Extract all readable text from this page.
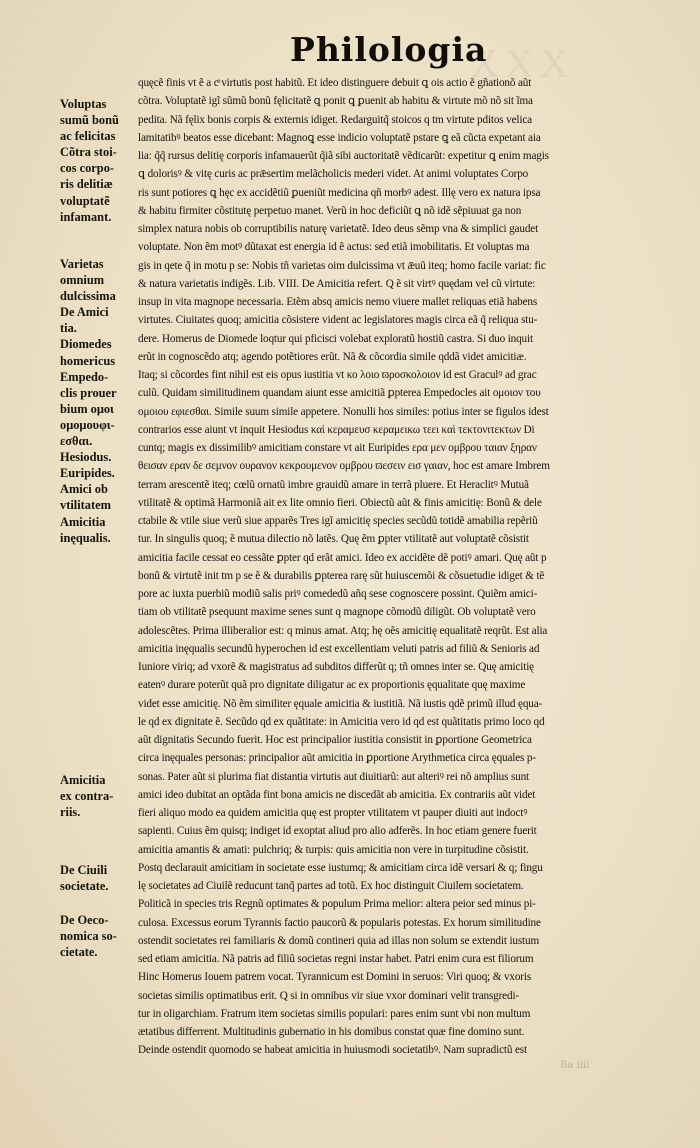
XXX
Philologia
Voluptas
sumũ bonũ
ac felicitas
Cõtra stoi-
cos corpo-
ris delitiæ
voluptatẽ
infamant.
Varietas
omnium
dulcissima
De Amici
tia.
Diomedes
homericus
Empedo-
clis prouer
bium ομοι
ομομουφι-
εσθαι.
Hesiodus.
Euripides.
Amici ob
vtilitatem
Amicitia
inęqualis.
Amicitia
ex contra-
riis.
De Ciuili
societate.
De Oeco-
nomica so-
cietate.
quęcẽ finis vt ẽ a cͦ virtutis post habitũ. Et ideo distinguere debuit ꝗ ois actio ẽ gñationõ aũt
cõtra. Voluptatẽ igĩ sũmũ bonũ fęlicitatẽ ꝗ ponit ꝗ ꝑuenit ab habitu & virtute mõ nõ sit ĩma
pedita. Nã fęlix bonis corpis & externis idiget. Redarguitq̃ stoicos q tm virtute pditos velica
lamitatibꝰ beatos esse dicebant: Magnoꝗ esse indicio voluptatẽ pstare ꝗ eã cũcta expetant aia
lia: q̃q̃ rursus delitię corporis infamauerũt q̃iã sibi auctoritatẽ vẽdicarũt: expetitur ꝗ enim magis
ꝗ dolorisꝰ & vitę curis ac prǣsertim melãcholicis mederi videt. At animi voluptates Corpo
ris sunt potiores ꝗ hęc ex accidẽtiũ ꝑueniũt medicina qñ morbꝰ adest. Illę vero ex natura ipsa
& habitu firmiter cõstitutę perpetuo manet. Verũ in hoc deficiũt ꝗ nõ idẽ sẽpiuuat ga non
simplex natura nobis ob corruptibilis naturę varietatẽ. Ideo deus sẽmp vna & simplici gaudet
voluptate. Non ẽm motꝰ dũtaxat est energia id ẽ actus: sed etiã imobilitatis. Et voluptas ma
gis in qete q̃ in motu p se: Nobis tñ varietas oim dulcissima vt ǣuũ iteq; homo facile variat: fic
& natura varietatis indigẽs. Lib. VIII. De Amicitia refert. Q ẽ sit virtꝰ quędam vel cũ virtute:
insup in vita magnope necessaria. Etẽm absq amicis nemo viuere mallet reliquas etiã habens
virtutes. Ciuitates quoq; amicitia cõsistere vident ac legislatores magis circa eã q̃ reliqua stu-
dere. Homerus de Diomede loqtur qui pficisci volebat exploratũ hostiũ castra. Si duo inquit
erũt in cognoscẽdo atq; agendo potẽtiores erũt. Nã & cõcordia simile qddã videt amicitiæ.
Itaq; si cõcordes fint nihil est eis opus iustitia vt κο λοιο ϖροσκολοιον id est Graculꝰ ad grac
culũ. Quidam similitudinem quandam aiunt esse amicitiã ꝑpterea Empedocles ait ομοιον του
ομοιου εφιεσθαι. Simile suum simile appetere. Nonulli hos similes: potius inter se figulos idest
contrarios esse aiunt vt inquit Hesiodus καὶ κεραμευσ κεραμεικω τεει καὶ τεκτονιτεκτων Di
cuntq; magis ex dissimilibꝰ amicitiam constare vt ait Euripides ερα μεν ομβρου ταιαν ξηραν
θεισαν εραν δε σεμνον ουρανον κεκρουμενον ομβρου ϖεσειν εισ γαιαν, hoc est amare Imbrem
terram arescentẽ iteq; cœlũ ornatũ imbre grauidũ amare in terrã pluere. Et Heraclitꝰ Mutuã
vtilitatẽ & optimã Harmoniã ait ex lite omnio fieri. Obiectũ aũt & finis amicitię: Bonũ & dele
ctabile & vtile siue verũ siue apparẽs Tres igĩ amicitię species secũdũ totidẽ amabilia repẽriũ
tur. In singulis quoq; ẽ mutua dilectio nõ latẽs. Quę ẽm ꝑpter vtilitatẽ aut voluptatẽ cõsistit
amicitia facile cessat eo cessãte ꝑpter qd erãt amici. Ideo ex accidẽte dẽ potiꝰ amari. Quę aũt p
bonũ & virtutẽ init tm p se ẽ & durabilis ꝑpterea rarę sũt huiuscemõi & cõsuetudie idiget & tẽ
pore ac iuxta puerbiũ modiũ salis priꝰ comededũ añq sese cognoscere possint. Quiẽm amici-
tiam ob vtilitatẽ psequunt maxime senes sunt q magnope cõmodũ diligũt. Ob voluptatẽ vero
adolescẽtes. Prima illiberalior est: q minus amat. Atq; hę oẽs amicitię equalitatẽ reqrũt. Est alia
amicitia inęqualis secundũ hyperochen id est excellentiam veluti patris ad filiũ & Senioris ad
Iuniore viriq; ad vxorẽ & magistratus ad subditos differũt q; tñ omnes inter se. Quę amicitię
eatenꝰ durare poterũt quã pro dignitate diligatur ac ex proportionis ęqualitate quę maxime
videt esse amicitię. Nõ ẽm similiter ęquale amicitia & iustitiã. Nã iustis qdẽ primũ illud ęqua-
le qd ex dignitate ẽ. Secũdo qd ex quãtitate: in Amicitia vero id qd est quãtitatis primo loco qd
aũt dignitatis Secundo fuerit. Hoc est principalior iustitia consistit in ꝑportione Geometrica
circa inęquales personas: principalior aũt amicitia in ꝑportione Arythmetica circa ęquales p-
sonas. Pater aũt si plurima fiat distantia virtutis aut diuitiarũ: aut alteriꝰ rei nõ amplius sunt
amici ideo dubitat an optãda fint bona amicis ne discedãt ab amicitia. Ex contrariis aũt videt
fieri aliquo modo ea quidem amicitia quę est propter vtilitatem vt pauper diuiti aut indoctꝰ
sapienti. Cuius ẽm quisq; indiget id exoptat aliud pro alio adferẽs. In hoc etiam genere fuerit
amicitia amantis & amati: pulchriq; & turpis: quis amicitia non vere in turpitudine cõsistit.
Postq declarauit amicitiam in societate esse iustumq; & amicitiam circa idẽ versari & q; fingu
lę societates ad Ciuilẽ reducunt tanq̃ partes ad totũ. Ex hoc distinguit Ciuilem societatem.
Politicã in species tris Regnũ optimates & populum Prima melior: altera peior sed minus pi-
culosa. Excessus eorum Tyrannis factio paucorũ & popularis potestas. Ex horum similitudine
ostendit societates rei familiaris & domũ contineri quia ad illas non solum se extendit iustum
sed etiam amicitia. Nã patris ad filiũ societas regni instar habet. Patri enim cura est filiorum
Hinc Homerus Iouem patrem vocat. Tyrannicum est Domini in seruos: Viri quoq; & vxoris
societas similis optimatibus erit. Q si in omnibus vir siue vxor dominari velit transgredi-
tur in oligarchiam. Fratrum item societas similis populari: pares enim sunt vbi non multum
ætatibus differrent. Multitudinis gubernatio in his domibus constat quæ fine domino sunt.
Deinde ostendit quomodo se habeat amicitia in huiusmodi societatibꝰ. Nam supradictũ est
Ba iiii
